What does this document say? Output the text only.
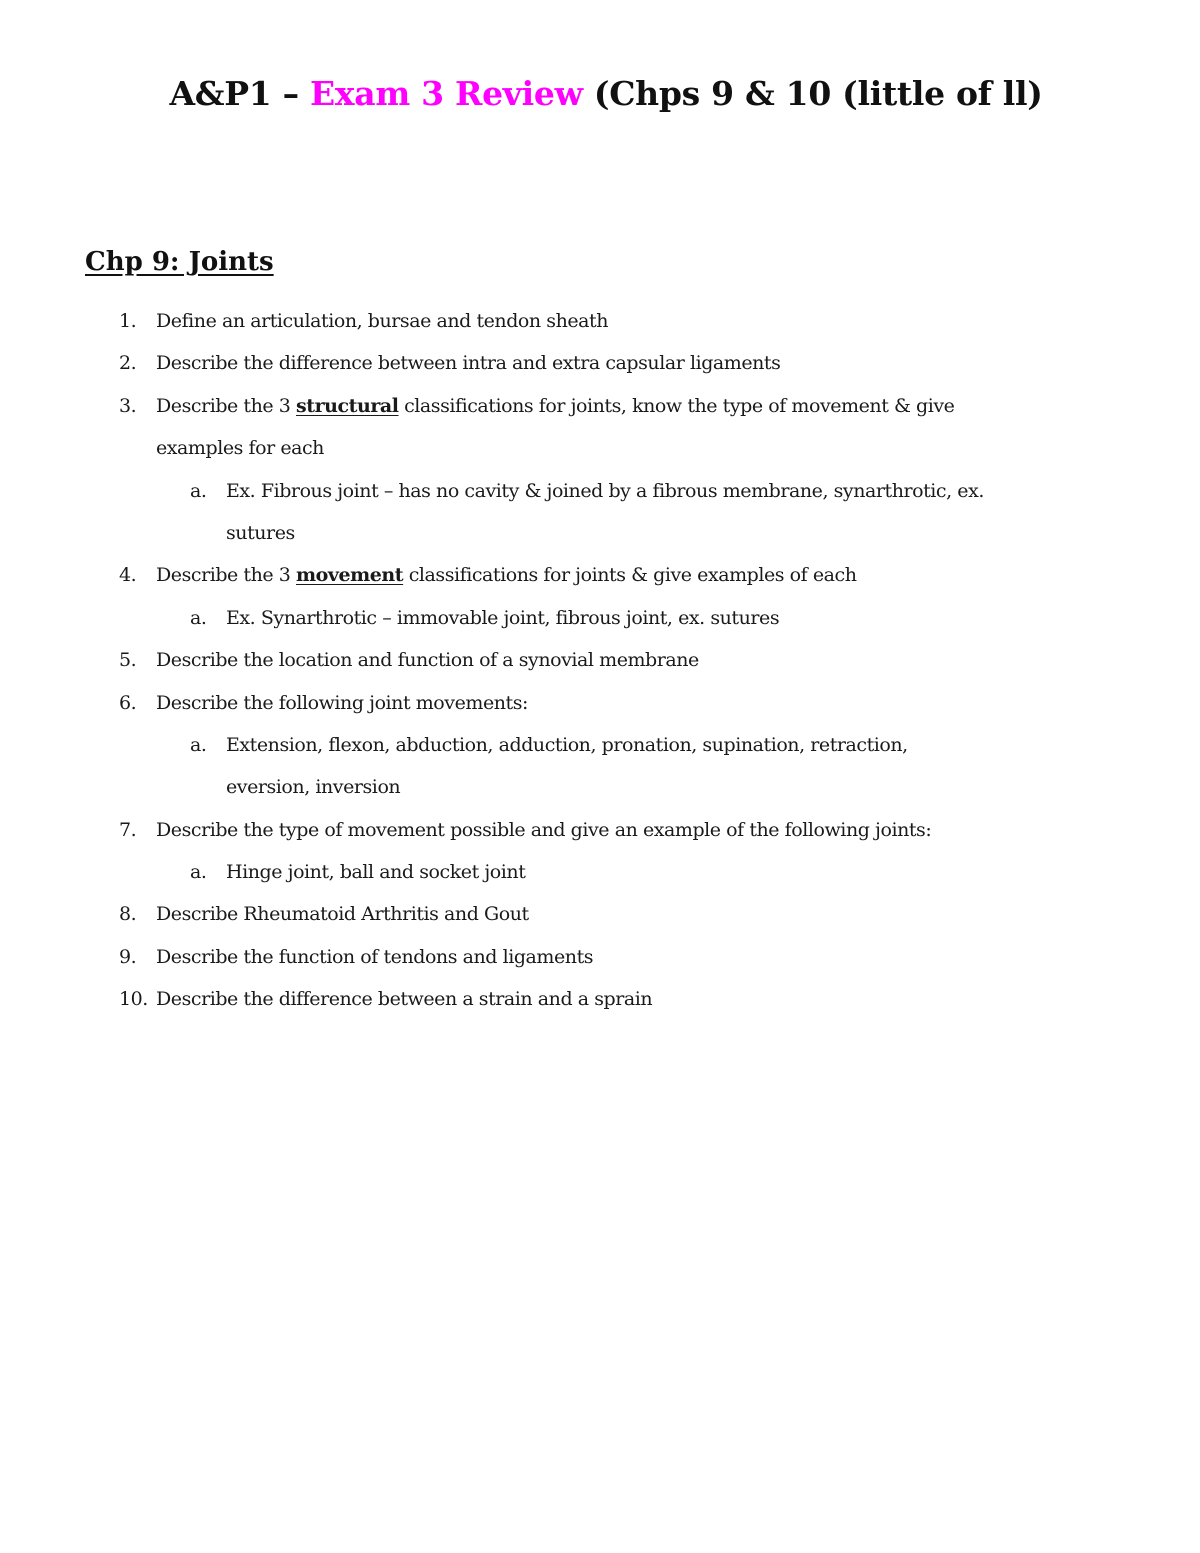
A&P1 – Exam 3 Review (Chps 9 & 10 (little of ll)
Chp 9: Joints
1.	Define an articulation, bursae and tendon sheath
2.	Describe the difference between intra and extra capsular ligaments
3.	Describe the 3 structural classifications for joints, know the type of movement & give
examples for each
a. Ex. Fibrous joint – has no cavity & joined by a fibrous membrane, synarthrotic, ex.
sutures
4.	Describe the 3 movement classifications for joints & give examples of each
a. Ex. Synarthrotic – immovable joint, fibrous joint, ex. sutures
5.	Describe the location and function of a synovial membrane
6.	Describe the following joint movements:
a. Extension, flexon, abduction, adduction, pronation, supination, retraction,
eversion, inversion
7.	Describe the type of movement possible and give an example of the following joints:
a. Hinge joint, ball and socket joint
8.	Describe Rheumatoid Arthritis and Gout
9.	Describe the function of tendons and ligaments
10. Describe the difference between a strain and a sprain
